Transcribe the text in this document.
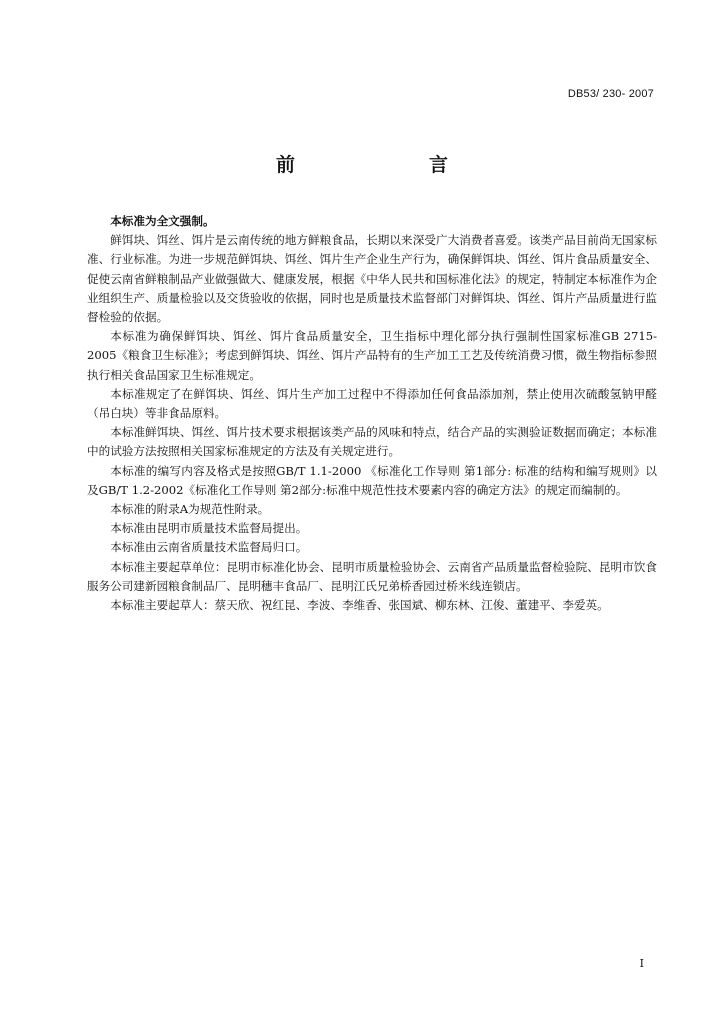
DB53/ 230- 2007
前　　言

本标准为全文强制。

鲜饵块、饵丝、饵片是云南传统的地方鲜粮食品，长期以来深受广大消费者喜爱。该类产品目前尚无国家标准、行业标准。为进一步规范鲜饵块、饵丝、饵片生产企业生产行为，确保鲜饵块、饵丝、饵片食品质量安全、促使云南省鲜粮制品产业做强做大、健康发展，根据《中华人民共和国标准化法》的规定，特制定本标准作为企业组织生产、质量检验以及交货验收的依据，同时也是质量技术监督部门对鲜饵块、饵丝、饵片产品质量进行监督检验的依据。

本标准为确保鲜饵块、饵丝、饵片食品质量安全，卫生指标中理化部分执行强制性国家标准GB 2715-2005《粮食卫生标准》；考虑到鲜饵块、饵丝、饵片产品特有的生产加工工艺及传统消费习惯，微生物指标参照执行相关食品国家卫生标准规定。

本标准规定了在鲜饵块、饵丝、饵片生产加工过程中不得添加任何食品添加剂，禁止使用次硫酸氢钠甲醛（吊白块）等非食品原料。

本标准鲜饵块、饵丝、饵片技术要求根据该类产品的风味和特点，结合产品的实测验证数据而确定；本标准中的试验方法按照相关国家标准规定的方法及有关规定进行。

本标准的编写内容及格式是按照GB/T 1.1-2000 《标准化工作导则 第1部分: 标准的结构和编写规则》以及GB/T 1.2-2002《标准化工作导则 第2部分:标准中规范性技术要素内容的确定方法》的规定而编制的。

本标准的附录A为规范性附录。

本标准由昆明市质量技术监督局提出。

本标准由云南省质量技术监督局归口。

本标准主要起草单位：昆明市标准化协会、昆明市质量检验协会、云南省产品质量监督检验院、昆明市饮食服务公司建新园粮食制品厂、昆明穗丰食品厂、昆明江氏兄弟桥香园过桥米线连锁店。

本标准主要起草人：蔡天欣、祝红昆、李波、李维香、张国斌、柳东林、江俊、董建平、李爱英。

I
